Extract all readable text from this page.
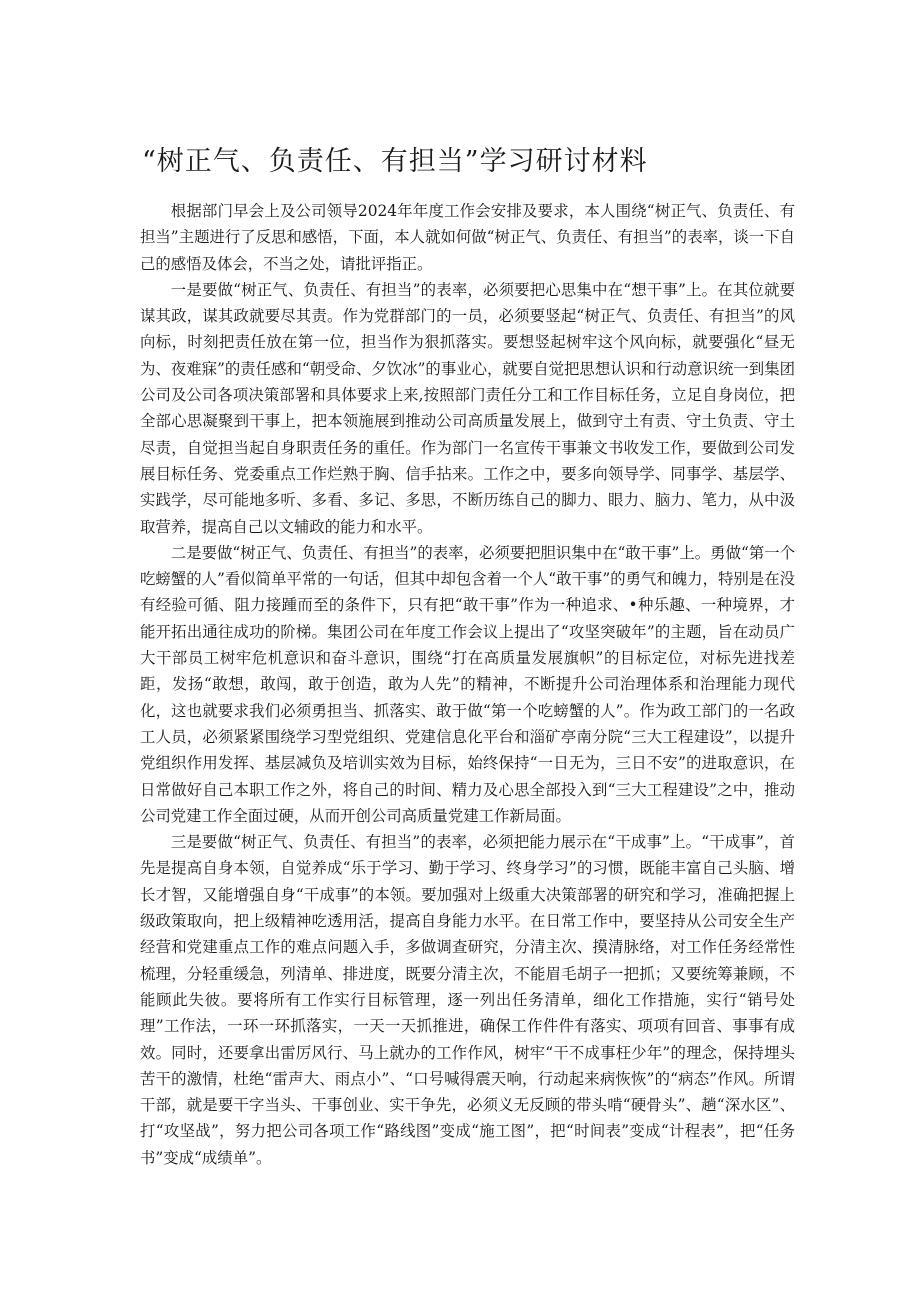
“树正气、负责任、有担当”学习研讨材料

根据部门早会上及公司领导2024年年度工作会安排及要求，本人围绕“树正气、负责任、有担当”主题进行了反思和感悟，下面，本人就如何做“树正气、负责任、有担当”的表率，谈一下自己的感悟及体会，不当之处，请批评指正。

一是要做“树正气、负责任、有担当”的表率，必须要把心思集中在“想干事”上。在其位就要谋其政，谋其政就要尽其责。作为党群部门的一员，必须要竖起“树正气、负责任、有担当”的风向标，时刻把责任放在第一位，担当作为狠抓落实。要想竖起树牢这个风向标，就要强化“昼无为、夜难寐”的责任感和“朝受命、夕饮冰”的事业心，就要自觉把思想认识和行动意识统一到集团公司及公司各项决策部署和具体要求上来,按照部门责任分工和工作目标任务，立足自身岗位，把全部心思凝聚到干事上，把本领施展到推动公司高质量发展上，做到守土有责、守土负责、守土尽责，自觉担当起自身职责任务的重任。作为部门一名宣传干事兼文书收发工作，要做到公司发展目标任务、党委重点工作烂熟于胸、信手拈来。工作之中，要多向领导学、同事学、基层学、实践学，尽可能地多听、多看、多记、多思，不断历练自己的脚力、眼力、脑力、笔力，从中汲取营养，提高自己以文辅政的能力和水平。

二是要做“树正气、负责任、有担当”的表率，必须要把胆识集中在“敢干事”上。勇做“第一个吃螃蟹的人”看似简单平常的一句话，但其中却包含着一个人“敢干事”的勇气和魄力，特别是在没有经验可循、阻力接踵而至的条件下，只有把“敢干事”作为一种追求、•种乐趣、一种境界，才能开拓出通往成功的阶梯。集团公司在年度工作会议上提出了“攻坚突破年”的主题，旨在动员广大干部员工树牢危机意识和奋斗意识，围绕“打在高质量发展旗帜”的目标定位，对标先进找差距，发扬“敢想，敢闯，敢于创造，敢为人先”的精神，不断提升公司治理体系和治理能力现代化，这也就要求我们必须勇担当、抓落实、敢于做“第一个吃螃蟹的人”。作为政工部门的一名政工人员，必须紧紧围绕学习型党组织、党建信息化平台和淄矿亭南分院“三大工程建设”，以提升党组织作用发挥、基层减负及培训实效为目标，始终保持“一日无为，三日不安”的进取意识，在日常做好自己本职工作之外，将自己的时间、精力及心思全部投入到“三大工程建设”之中，推动公司党建工作全面过硬，从而开创公司高质量党建工作新局面。

三是要做“树正气、负责任、有担当”的表率，必须把能力展示在“干成事”上。“干成事”，首先是提高自身本领，自觉养成“乐于学习、勤于学习、终身学习”的习惯，既能丰富自己头脑、增长才智，又能增强自身“干成事”的本领。要加强对上级重大决策部署的研究和学习，准确把握上级政策取向，把上级精神吃透用活，提高自身能力水平。在日常工作中，要坚持从公司安全生产经营和党建重点工作的难点问题入手，多做调查研究，分清主次、摸清脉络，对工作任务经常性梳理，分轻重缓急，列清单、排进度，既要分清主次，不能眉毛胡子一把抓；又要统筹兼顾，不能顾此失彼。要将所有工作实行目标管理，逐一列出任务清单，细化工作措施，实行“销号处理”工作法，一环一环抓落实，一天一天抓推进，确保工作件件有落实、项项有回音、事事有成效。同时，还要拿出雷厉风行、马上就办的工作作风，树牢“干不成事枉少年”的理念，保持埋头苦干的激情，杜绝“雷声大、雨点小”、“口号喊得震天响，行动起来病恢恢”的“病态”作风。所谓干部，就是要干字当头、干事创业、实干争先，必须义无反顾的带头啃“硬骨头”、趟“深水区”、打“攻坚战”，努力把公司各项工作“路线图”变成“施工图”，把“时间表”变成“计程表”，把“任务书”变成“成绩单”。
